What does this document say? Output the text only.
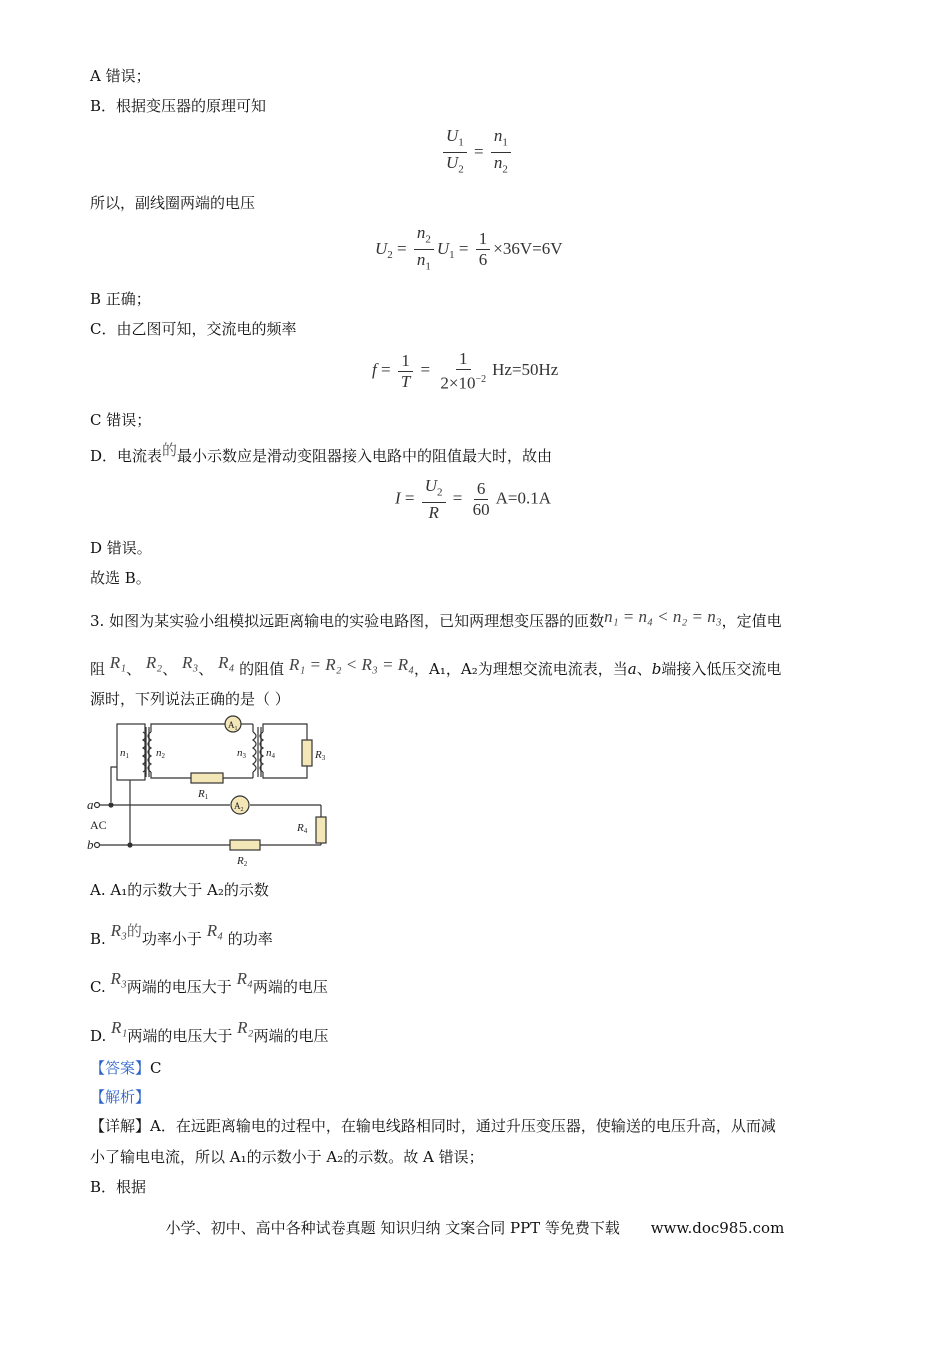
A 错误；
B．根据变压器的原理可知
$\frac{U_1}{U_2} = \frac{n_1}{n_2}$
所以，副线圈两端的电压
$U_2 = \frac{n_2}{n_1} U_1 = \frac{1}{6} \times 36V=6V$
B 正确；
C．由乙图可知，交流电的频率
$f = \frac{1}{T} = \frac{1}{2\times 10^{-2}} Hz=50Hz$
C 错误；
D．电流表的最小示数应是滑动变阻器接入电路中的阻值最大时，故由
$I = \frac{U_2}{R} = \frac{6}{60} A=0.1A$
D 错误。
故选 B。
3. 如图为某实验小组模拟远距离输电的实验电路图，已知两理想变压器的匝数n₁ = n₄ < n₂ = n₃，定值电
阻 R₁、 R₂、 R₃、 R₄ 的阻值 R₁ = R₂ < R₃ = R₄，A₁，A₂为理想交流电流表，当a、b端接入低压交流电
源时，下列说法正确的是（ ）
n1 n2	n3 n4
$A_1$
$A_2$
R1
R3
R4
R2
a
AC
b
A. A₁的示数大于 A₂的示数
B. R₃的功率小于 R₄ 的功率
C. R₃两端的电压大于 R₄两端的电压
D. R₁两端的电压大于 R₂两端的电压
【答案】C
【解析】
【详解】A．在远距离输电的过程中，在输电线路相同时，通过升压变压器，使输送的电压升高，从而减
小了输电电流，所以 A₁的示数小于 A₂的示数。故 A 错误；
B．根据
小学、初中、高中各种试卷真题 知识归纳 文案合同 PPT 等免费下载 www.doc985.com
